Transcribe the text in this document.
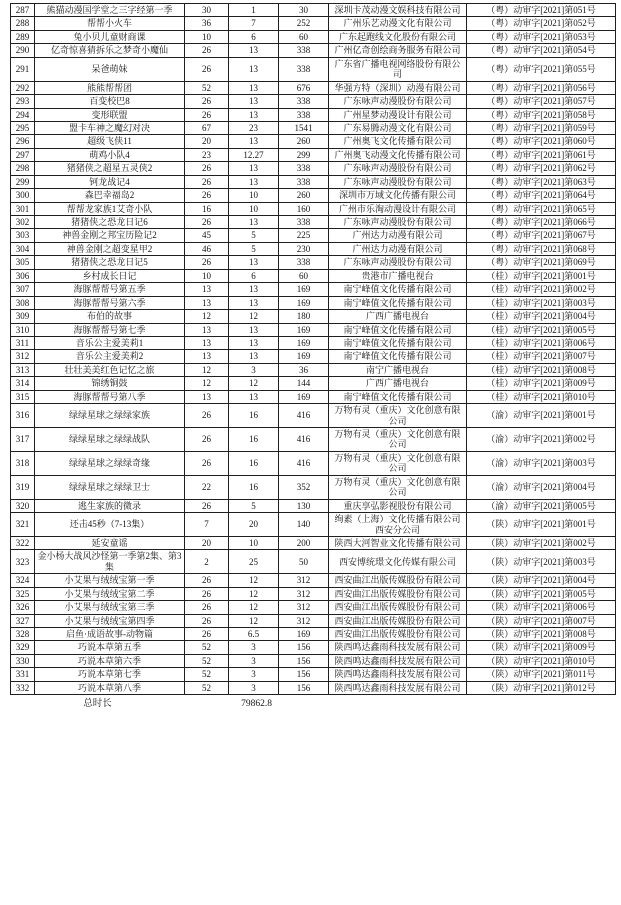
287	熊猫动漫国学堂之三字经第一季	30	1	30	深圳卡茂动漫文娱科技有限公司	（粤）动审字[2021]第051号
288	帮帮小火车	36	7	252	广州乐艺动漫文化有限公司	（粤）动审字[2021]第052号
289	兔小贝儿童财商课	10	6	60	广东起跑线文化股份有限公司	（粤）动审字[2021]第053号
290	亿奇惊喜猜拆乐之梦奇小魔仙	26	13	338	广州亿奇创绘商务服务有限公司	（粤）动审字[2021]第054号
291	呆爸萌妹	26	13	338	广东省广播电视网络股份有限公司	（粤）动审字[2021]第055号
292	熊熊帮帮团	52	13	676	华强方特（深圳）动漫有限公司	（粤）动审字[2021]第056号
293	百变校巴8	26	13	338	广东咏声动漫股份有限公司	（粤）动审字[2021]第057号
294	变形联盟	26	13	338	广州星梦动漫设计有限公司	（粤）动审字[2021]第058号
295	盟卡车神之魔幻对决	67	23	1541	广东易腾动漫文化有限公司	（粤）动审字[2021]第059号
296	超级飞侠11	20	13	260	广州奥飞文化传播有限公司	（粤）动审字[2021]第060号
297	萌鸡小队4	23	12.27	299	广州奥飞动漫文化传播有限公司	（粤）动审字[2021]第061号
298	猪猪侠之超星五灵侠2	26	13	338	广东咏声动漫股份有限公司	（粤）动审字[2021]第062号
299	钶龙战记4	26	13	338	广东咏声动漫股份有限公司	（粤）动审字[2021]第063号
300	森巴幸福岛2	26	10	260	深圳市万域文化传播有限公司	（粤）动审字[2021]第064号
301	帮帮龙家族1艾奇小队	16	10	160	广州市乐淘动漫设计有限公司	（粤）动审字[2021]第065号
302	猪猪侠之恐龙日记6	26	13	338	广东咏声动漫股份有限公司	（粤）动审字[2021]第066号
303	神兽金刚之邦宝历险记2	45	5	225	广州达力动漫有限公司	（粤）动审字[2021]第067号
304	神兽金刚之超变星甲2	46	5	230	广州达力动漫有限公司	（粤）动审字[2021]第068号
305	猪猪侠之恐龙日记5	26	13	338	广东咏声动漫股份有限公司	（粤）动审字[2021]第069号
306	乡村成长日记	10	6	60	贵港市广播电视台	（桂）动审字[2021]第001号
307	海豚帮帮号第五季	13	13	169	南宁峰值文化传播有限公司	（桂）动审字[2021]第002号
308	海豚帮帮号第六季	13	13	169	南宁峰值文化传播有限公司	（桂）动审字[2021]第003号
309	布伯的故事	12	12	180	广西广播电视台	（桂）动审字[2021]第004号
310	海豚帮帮号第七季	13	13	169	南宁峰值文化传播有限公司	（桂）动审字[2021]第005号
311	音乐公主爱美莉1	13	13	169	南宁峰值文化传播有限公司	（桂）动审字[2021]第006号
312	音乐公主爱美莉2	13	13	169	南宁峰值文化传播有限公司	（桂）动审字[2021]第007号
313	壮壮美美红色记忆之旅	12	3	36	南宁广播电视台	（桂）动审字[2021]第008号
314	锦绣铜鼓	12	12	144	广西广播电视台	（桂）动审字[2021]第009号
315	海豚帮帮号第八季	13	13	169	南宁峰值文化传播有限公司	（桂）动审字[2021]第010号
316	绿绿星球之绿绿家族	26	16	416	万物有灵（重庆）文化创意有限公司	（渝）动审字[2021]第001号
317	绿绿星球之绿绿战队	26	16	416	万物有灵（重庆）文化创意有限公司	（渝）动审字[2021]第002号
318	绿绿星球之绿绿奇缘	26	16	416	万物有灵（重庆）文化创意有限公司	（渝）动审字[2021]第003号
319	绿绿星球之绿绿卫士	22	16	352	万物有灵（重庆）文化创意有限公司	（渝）动审字[2021]第004号
320	逃生家族的微录	26	5	130	重庆享弘影视股份有限公司	（渝）动审字[2021]第005号
321	还击45秒（7-13集）	7	20	140	绚素（上海）文化传播有限公司西安分公司	（陕）动审字[2021]第001号
322	延安童谣	20	10	200	陕西大河智业文化传播有限公司	（陕）动审字[2021]第002号
323	金小杨大战风沙怪第一季第2集、第3集	2	25	50	西安博统璟文化传媒有限公司	（陕）动审字[2021]第003号
324	小艾果与绒绒宝第一季	26	12	312	西安曲江出版传媒股份有限公司	（陕）动审字[2021]第004号
325	小艾果与绒绒宝第二季	26	12	312	西安曲江出版传媒股份有限公司	（陕）动审字[2021]第005号
326	小艾果与绒绒宝第三季	26	12	312	西安曲江出版传媒股份有限公司	（陕）动审字[2021]第006号
327	小艾果与绒绒宝第四季	26	12	312	西安曲江出版传媒股份有限公司	（陕）动审字[2021]第007号
328	启鱼·成语故事-动物篇	26	6.5	169	西安曲江出版传媒股份有限公司	（陕）动审字[2021]第008号
329	巧说本草第五季	52	3	156	陕西鸣达鑫雨科技发展有限公司	（陕）动审字[2021]第009号
330	巧说本草第六季	52	3	156	陕西鸣达鑫雨科技发展有限公司	（陕）动审字[2021]第010号
331	巧说本草第七季	52	3	156	陕西鸣达鑫雨科技发展有限公司	（陕）动审字[2021]第011号
332	巧说本草第八季	52	3	156	陕西鸣达鑫雨科技发展有限公司	（陕）动审字[2021]第012号
总时长		79862.8				
